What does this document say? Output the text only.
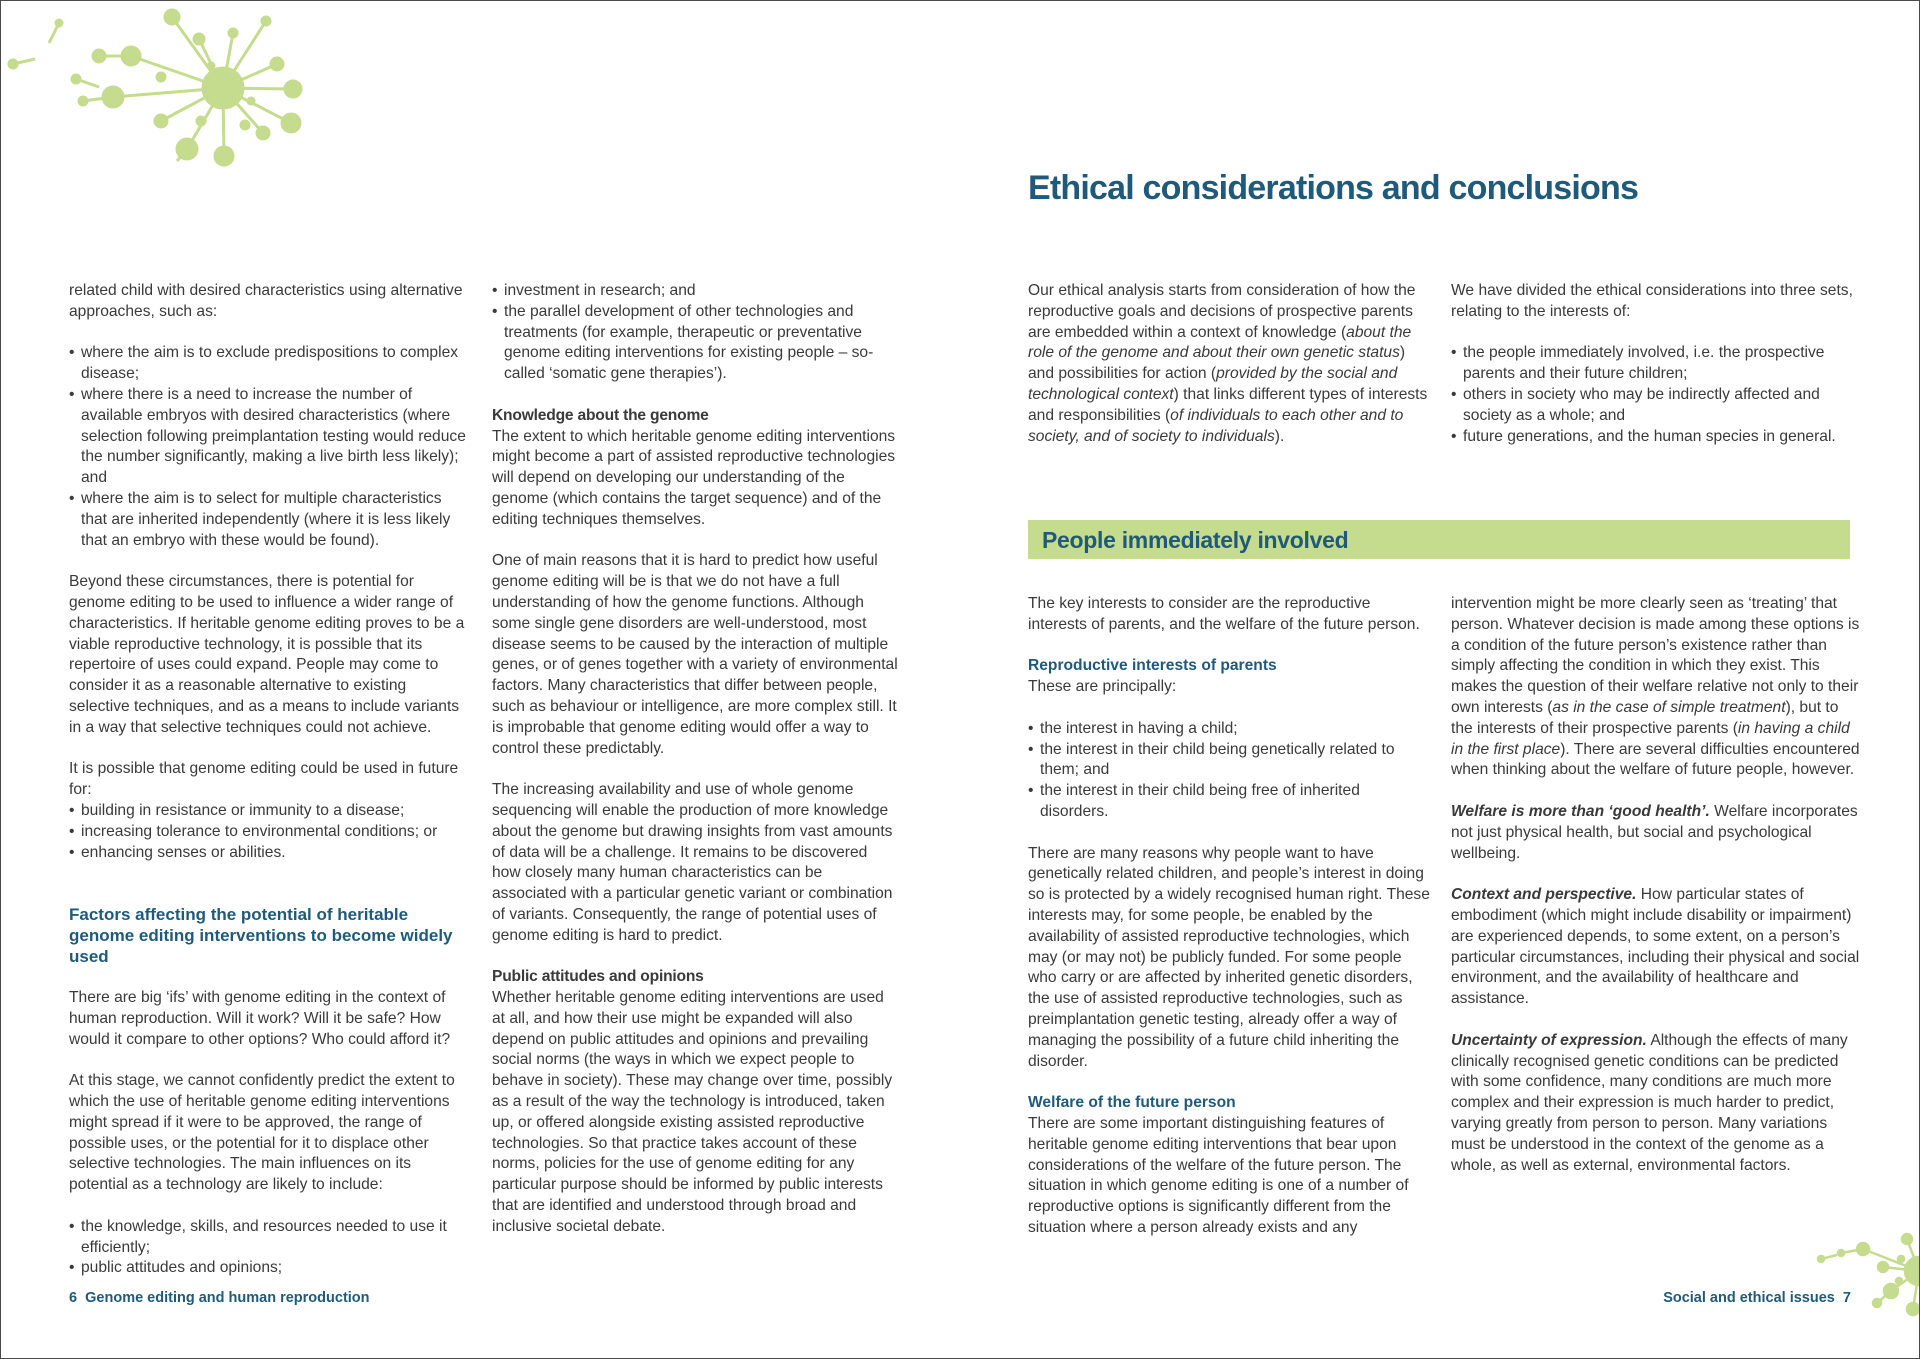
related child with desired characteristics using alternative approaches, such as:

• where the aim is to exclude predispositions to complex disease;
• where there is a need to increase the number of available embryos with desired characteristics (where selection following preimplantation testing would reduce the number significantly, making a live birth less likely); and
• where the aim is to select for multiple characteristics that are inherited independently (where it is less likely that an embryo with these would be found).

Beyond these circumstances, there is potential for genome editing to be used to influence a wider range of characteristics. If heritable genome editing proves to be a viable reproductive technology, it is possible that its repertoire of uses could expand. People may come to consider it as a reasonable alternative to existing selective techniques, and as a means to include variants in a way that selective techniques could not achieve.

It is possible that genome editing could be used in future for:

• building in resistance or immunity to a disease;
• increasing tolerance to environmental conditions; or
• enhancing senses or abilities.
Factors affecting the potential of heritable genome editing interventions to become widely used

There are big ‘ifs’ with genome editing in the context of human reproduction. Will it work? Will it be safe? How would it compare to other options? Who could afford it?

At this stage, we cannot confidently predict the extent to which the use of heritable genome editing interventions might spread if it were to be approved, the range of possible uses, or the potential for it to displace other selective technologies. The main influences on its potential as a technology are likely to include:

• the knowledge, skills, and resources needed to use it efficiently;
• public attitudes and opinions;
• investment in research; and
• the parallel development of other technologies and treatments (for example, therapeutic or preventative genome editing interventions for existing people – so-called ‘somatic gene therapies’).
Knowledge about the genome

The extent to which heritable genome editing interventions might become a part of assisted reproductive technologies will depend on developing our understanding of the genome (which contains the target sequence) and of the editing techniques themselves.

One of main reasons that it is hard to predict how useful genome editing will be is that we do not have a full understanding of how the genome functions. Although some single gene disorders are well-understood, most disease seems to be caused by the interaction of multiple genes, or of genes together with a variety of environmental factors. Many characteristics that differ between people, such as behaviour or intelligence, are more complex still. It is improbable that genome editing would offer a way to control these predictably.

The increasing availability and use of whole genome sequencing will enable the production of more knowledge about the genome but drawing insights from vast amounts of data will be a challenge. It remains to be discovered how closely many human characteristics can be associated with a particular genetic variant or combination of variants. Consequently, the range of potential uses of genome editing is hard to predict.

Public attitudes and opinions

Whether heritable genome editing interventions are used at all, and how their use might be expanded will also depend on public attitudes and opinions and prevailing social norms (the ways in which we expect people to behave in society). These may change over time, possibly as a result of the way the technology is introduced, taken up, or offered alongside existing assisted reproductive technologies. So that practice takes account of these norms, policies for the use of genome editing for any particular purpose should be informed by public interests that are identified and understood through broad and inclusive societal debate.

Ethical considerations and conclusions

Our ethical analysis starts from consideration of how the reproductive goals and decisions of prospective parents are embedded within a context of knowledge (about the role of the genome and about their own genetic status) and possibilities for action (provided by the social and technological context) that links different types of interests and responsibilities (of individuals to each other and to society, and of society to individuals).

We have divided the ethical considerations into three sets, relating to the interests of:

• the people immediately involved, i.e. the prospective parents and their future children;
• others in society who may be indirectly affected and society as a whole; and
• future generations, and the human species in general.
People immediately involved

The key interests to consider are the reproductive interests of parents, and the welfare of the future person.

Reproductive interests of parents

These are principally:

• the interest in having a child;
• the interest in their child being genetically related to them; and
• the interest in their child being free of inherited disorders.

There are many reasons why people want to have genetically related children, and people’s interest in doing so is protected by a widely recognised human right. These interests may, for some people, be enabled by the availability of assisted reproductive technologies, which may (or may not) be publicly funded. For some people who carry or are affected by inherited genetic disorders, the use of assisted reproductive technologies, such as preimplantation genetic testing, already offer a way of managing the possibility of a future child inheriting the disorder.

Welfare of the future person

There are some important distinguishing features of heritable genome editing interventions that bear upon considerations of the welfare of the future person. The situation in which genome editing is one of a number of reproductive options is significantly different from the situation where a person already exists and any

intervention might be more clearly seen as ‘treating’ that person. Whatever decision is made among these options is a condition of the future person’s existence rather than simply affecting the condition in which they exist. This makes the question of their welfare relative not only to their own interests (as in the case of simple treatment), but to the interests of their prospective parents (in having a child in the first place). There are several difficulties encountered when thinking about the welfare of future people, however.

Welfare is more than ‘good health’. Welfare incorporates not just physical health, but social and psychological wellbeing.

Context and perspective. How particular states of embodiment (which might include disability or impairment) are experienced depends, to some extent, on a person’s particular circumstances, including their physical and social environment, and the availability of healthcare and assistance.

Uncertainty of expression. Although the effects of many clinically recognised genetic conditions can be predicted with some confidence, many conditions are much more complex and their expression is much harder to predict, varying greatly from person to person. Many variations must be understood in the context of the genome as a whole, as well as external, environmental factors.

6 Genome editing and human reproduction	Social and ethical issues 7
